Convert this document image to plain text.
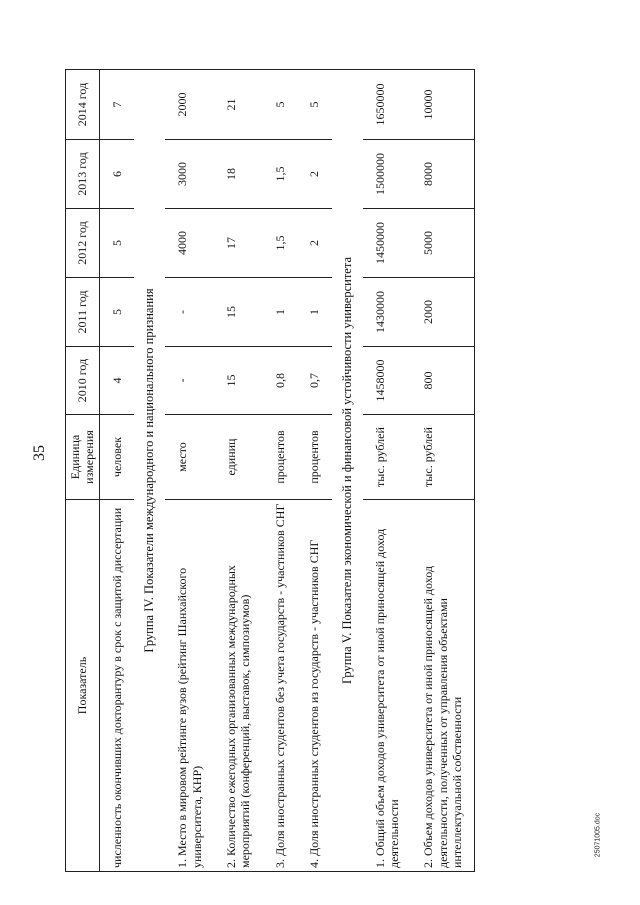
35
25071005.doc
Показатель	Единица измерения	2010 год	2011 год	2012 год	2013 год	2014 год
численность окончивших докторантуру в срок с защитой диссертации	человек	4	5	5	6	7
Группа IV. Показатели международного и национального признания						
1. Место в мировом рейтинге вузов (рейтинг Шанхайского университета, КНР)	место	-	-	4000	3000	2000
2. Количество ежегодных организованных международных мероприятий (конференций, выставок, симпозиумов)	единиц	15	15	17	18	21
3. Доля иностранных студентов без учета государств - участников СНГ	процентов	0,8	1	1,5	1,5	5
4. Доля иностранных студентов из государств - участников СНГ	процентов	0,7	1	2	2	5
Группа V. Показатели экономической и финансовой устойчивости университета						
1. Общий объем доходов университета от иной приносящей доход деятельности	тыс. рублей	1458000	1430000	1450000	1500000	1650000
2. Объем доходов университета от иной приносящей доход деятельности, полученных от управления объектами интеллектуальной собственности	тыс. рублей	800	2000	5000	8000	10000
